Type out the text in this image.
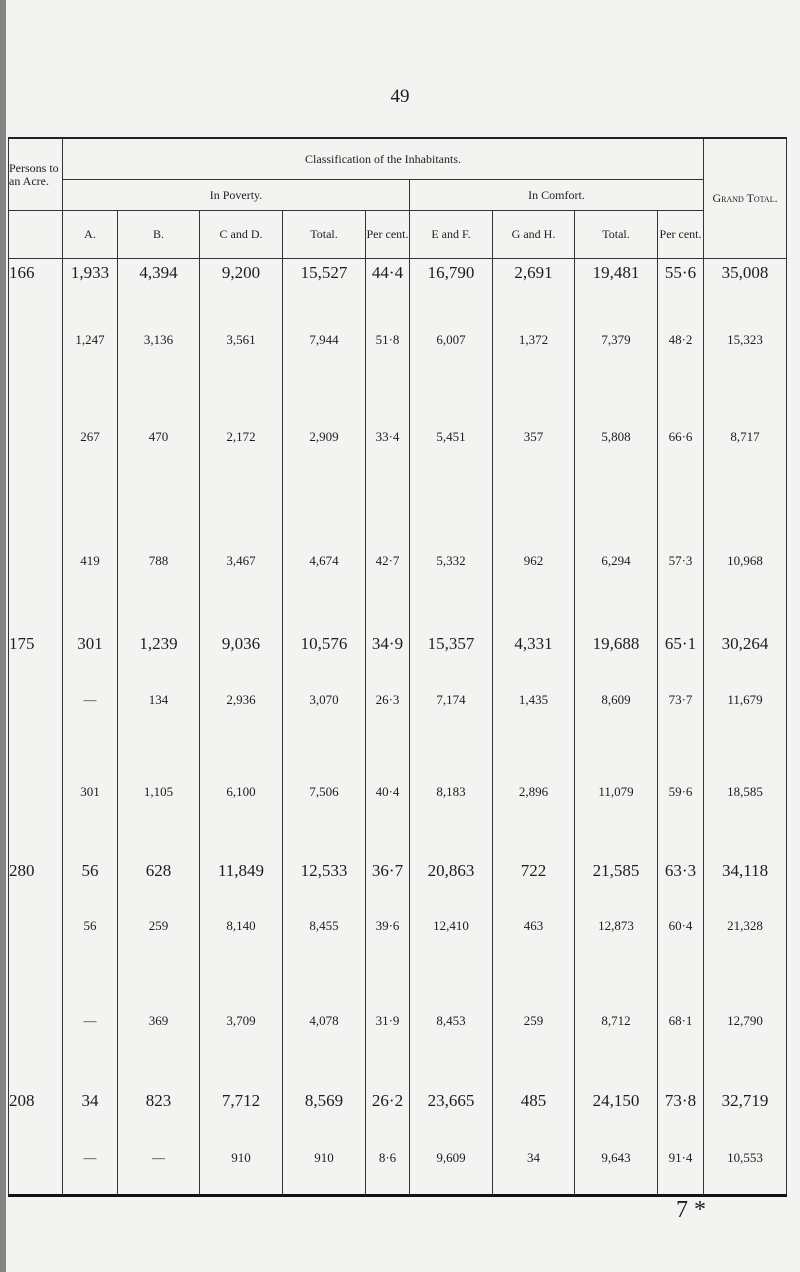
49
Persons to an Acre.	Classification of the Inhabitants.									Grand Total.
	In Poverty.					In Comfort.				
	A.	B.	C and D.	Total.	Per cent.	E and F.	G and H.	Total.	Per cent.	
166	1,933	4,394	9,200	15,527	44·4	16,790	2,691	19,481	55·6	35,008
	1,247	3,136	3,561	7,944	51·8	6,007	1,372	7,379	48·2	15,323
	267	470	2,172	2,909	33·4	5,451	357	5,808	66·6	8,717
	419	788	3,467	4,674	42·7	5,332	962	6,294	57·3	10,968
175	301	1,239	9,036	10,576	34·9	15,357	4,331	19,688	65·1	30,264
	—	134	2,936	3,070	26·3	7,174	1,435	8,609	73·7	11,679
	301	1,105	6,100	7,506	40·4	8,183	2,896	11,079	59·6	18,585
280	56	628	11,849	12,533	36·7	20,863	722	21,585	63·3	34,118
	56	259	8,140	8,455	39·6	12,410	463	12,873	60·4	21,328
	—	369	3,709	4,078	31·9	8,453	259	8,712	68·1	12,790
208	34	823	7,712	8,569	26·2	23,665	485	24,150	73·8	32,719
	—	—	910	910	8·6	9,609	34	9,643	91·4	10,553
7 *
